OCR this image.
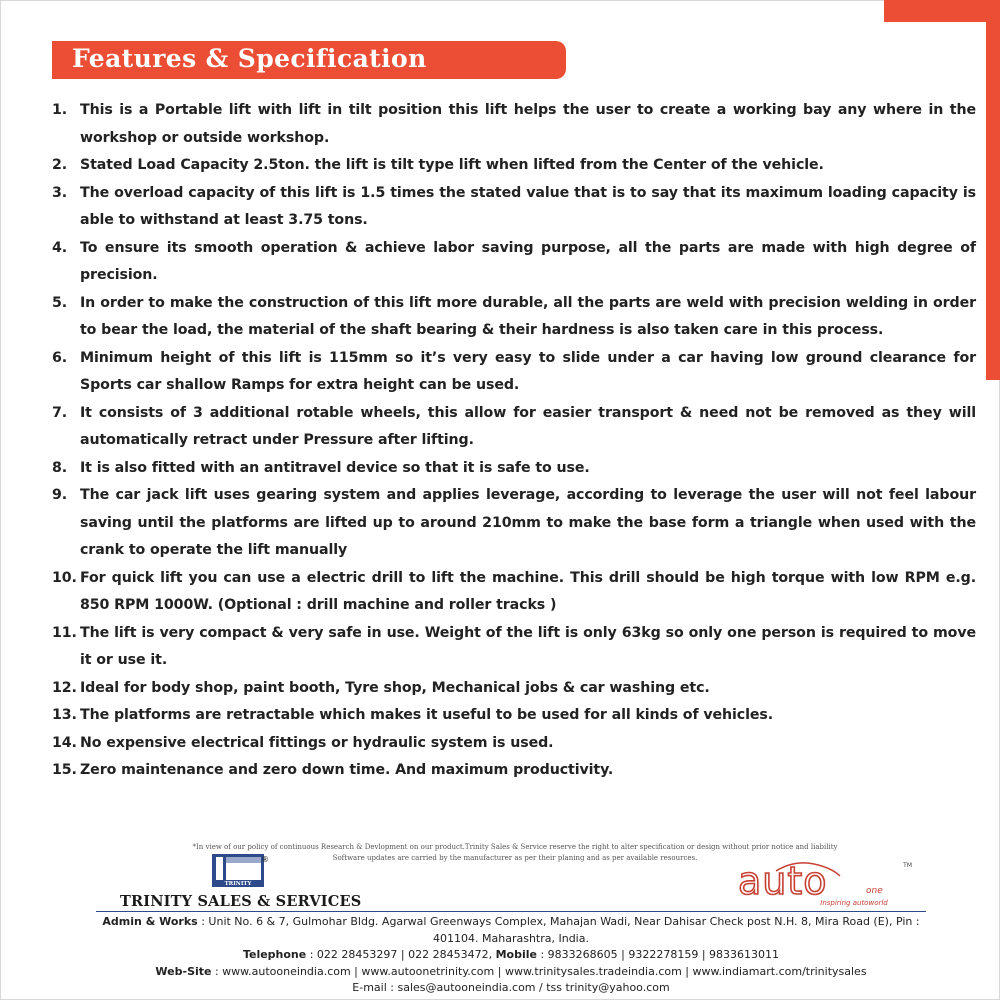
Features & Specification
1. This is a Portable lift with lift in tilt position this lift helps the user to create a working bay any where in the workshop or outside workshop.
2. Stated Load Capacity 2.5ton. the lift is tilt type lift when lifted from the Center of the vehicle.
3. The overload capacity of this lift is 1.5 times the stated value that is to say that its maximum loading capacity is able to withstand at least 3.75 tons.
4. To ensure its smooth operation & achieve labor saving purpose, all the parts are made with high degree of precision.
5. In order to make the construction of this lift more durable, all the parts are weld with precision welding in order to bear the load, the material of the shaft bearing & their hardness is also taken care in this process.
6. Minimum height of this lift is 115mm so it’s very easy to slide under a car having low ground clearance for Sports car shallow Ramps for extra height can be used.
7. It consists of 3 additional rotable wheels, this allow for easier transport & need not be removed as they will automatically retract under Pressure after lifting.
8. It is also fitted with an antitravel device so that it is safe to use.
9. The car jack lift uses gearing system and applies leverage, according to leverage the user will not feel labour saving until the platforms are lifted up to around 210mm to make the base form a triangle when used with the crank to operate the lift manually
10. For quick lift you can use a electric drill to lift the machine. This drill should be high torque with low RPM e.g. 850 RPM 1000W. (Optional : drill machine and roller tracks )
11. The lift is very compact & very safe in use. Weight of the lift is only 63kg so only one person is required to move it or use it.
12. Ideal for body shop, paint booth, Tyre shop, Mechanical jobs & car washing etc.
13. The platforms are retractable which makes it useful to be used for all kinds of vehicles.
14. No expensive electrical fittings or hydraulic system is used.
15. Zero maintenance and zero down time. And maximum productivity.
*In view of our policy of continuous Research & Devlopment on our product.Trinity Sales & Service reserve the right to alter specification or design without prior notice and liability
Software updates are carried by the manufacturer as per their planing and as per available resources.
TRINITY
®
TRINITY SALES & SERVICES	auto	one
TM
Inspiring autoworld
Admin & Works : Unit No. 6 & 7, Gulmohar Bldg. Agarwal Greenways Complex, Mahajan Wadi, Near Dahisar Check post N.H. 8, Mira Road (E), Pin : 401104. Maharashtra, India.
Telephone : 022 28453297 | 022 28453472, Mobile : 9833268605 | 9322278159 | 9833613011
Web-Site : www.autooneindia.com | www.autoonetrinity.com | www.trinitysales.tradeindia.com | www.indiamart.com/trinitysales
E-mail : sales@autooneindia.com / tss trinity@yahoo.com
